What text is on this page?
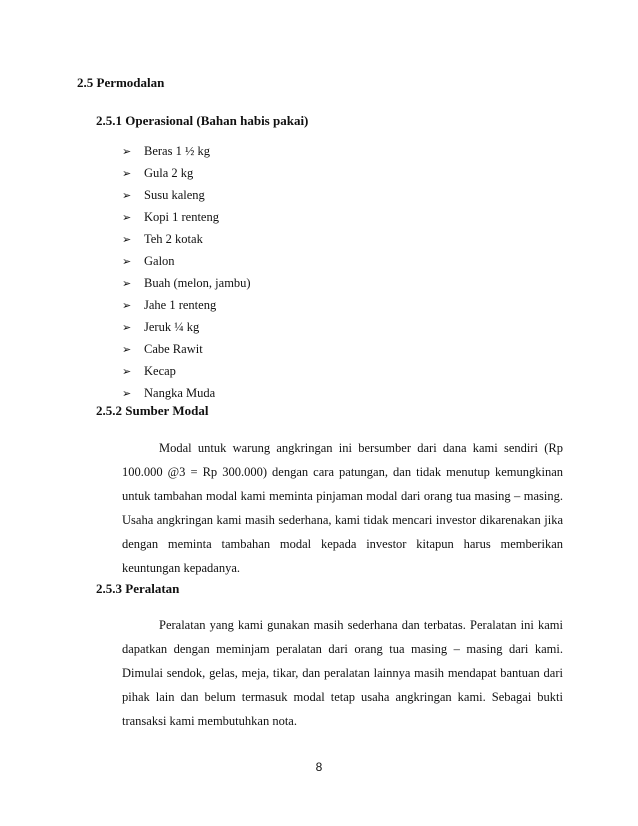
2.5 Permodalan
2.5.1 Operasional (Bahan habis pakai)
➢ Beras 1 ½ kg
➢ Gula 2 kg
➢ Susu kaleng
➢ Kopi 1 renteng
➢ Teh 2 kotak
➢ Galon
➢ Buah (melon, jambu)
➢ Jahe 1 renteng
➢ Jeruk ¼ kg
➢ Cabe Rawit
➢ Kecap
➢ Nangka Muda
2.5.2 Sumber Modal

Modal untuk warung angkringan ini bersumber dari dana kami sendiri (Rp 100.000 @3 = Rp 300.000) dengan cara patungan, dan tidak menutup kemungkinan untuk tambahan modal kami meminta pinjaman modal dari orang tua masing – masing. Usaha angkringan kami masih sederhana, kami tidak mencari investor dikarenakan jika dengan meminta tambahan modal kepada investor kitapun harus memberikan keuntungan kepadanya.

2.5.3 Peralatan

Peralatan yang kami gunakan masih sederhana dan terbatas. Peralatan ini kami dapatkan dengan meminjam peralatan dari orang tua masing – masing dari kami. Dimulai sendok, gelas, meja, tikar, dan peralatan lainnya masih mendapat bantuan dari pihak lain dan belum termasuk modal tetap usaha angkringan kami. Sebagai bukti transaksi kami membutuhkan nota.

8
